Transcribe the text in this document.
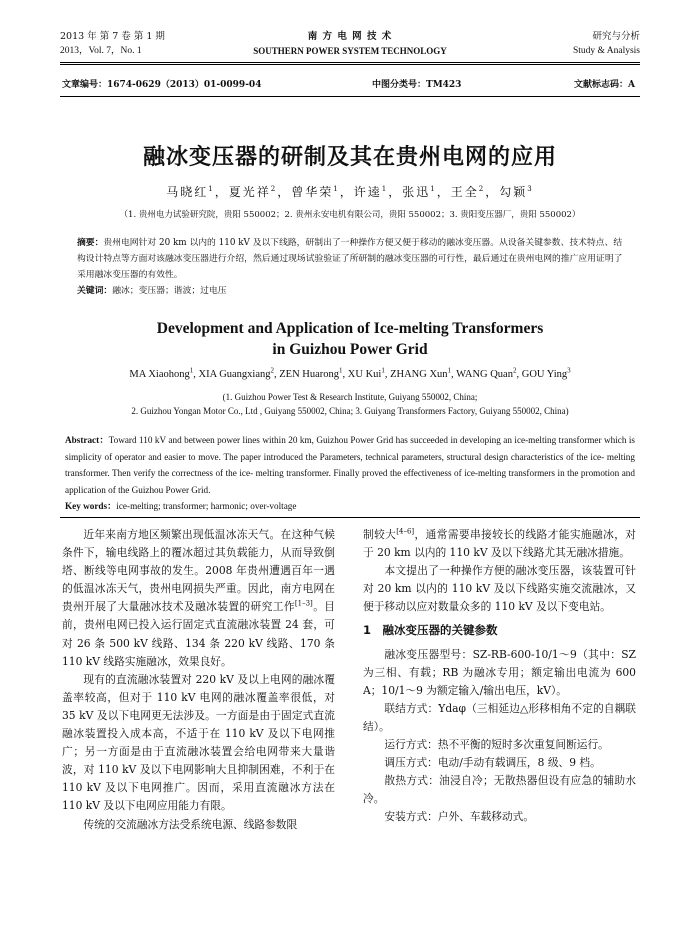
2013 年 第 7 卷 第 1 期
2013，Vol. 7，No. 1
南 方 电 网 技 术
SOUTHERN POWER SYSTEM TECHNOLOGY
研究与分析
Study & Analysis
文章编号：1674-0629（2013）01-0099-04	中图分类号：TM423	文献标志码：A
融冰变压器的研制及其在贵州电网的应用
马晓红$^1$，夏光祥$^2$，曾华荣$^1$，许逵$^1$，张迅$^1$，王全$^2$，勾颖$^3$
（1. 贵州电力试验研究院，贵阳 550002；2. 贵州永安电机有限公司，贵阳 550002；3. 贵阳变压器厂，贵阳 550002）
摘要：贵州电网针对 20 km 以内的 110 kV 及以下线路，研制出了一种操作方便又便于移动的融冰变压器。从设备关键参数、技术特点、结构设计特点等方面对该融冰变压器进行介绍，然后通过现场试验验证了所研制的融冰变压器的可行性，最后通过在贵州电网的推广应用证明了采用融冰变压器的有效性。
关键词：融冰；变压器；谐波；过电压
Development and Application of Ice-melting Transformers
in Guizhou Power Grid
MA Xiaohong$^1$, XIA Guangxiang$^2$, ZEN Huarong$^1$, XU Kui$^1$, ZHANG Xun$^1$, WANG Quan$^2$, GOU Ying$^3$
(1. Guizhou Power Test & Research Institute, Guiyang 550002, China;
2. Guizhou Yongan Motor Co., Ltd , Guiyang 550002, China; 3. Guiyang Transformers Factory, Guiyang 550002, China)
Abstract：Toward 110 kV and between power lines within 20 km, Guizhou Power Grid has succeeded in developing an ice-melting transformer which is simplicity of operator and easier to move. The paper introduced the Parameters, technical parameters, structural design characteristics of the ice- melting transformer. Then verify the correctness of the ice- melting transformer. Finally proved the effectiveness of ice-melting transformers in the promotion and application of the Guizhou Power Grid.
Key words：ice-melting; transformer; harmonic; over-voltage

近年来南方地区频繁出现低温冰冻天气。在这种气候条件下，输电线路上的覆冰超过其负载能力，从而导致倒塔、断线等电网事故的发生。2008 年贵州遭遇百年一遇的低温冰冻天气，贵州电网损失严重。因此，南方电网在贵州开展了大量融冰技术及融冰装置的研究工作[1–3]。目前，贵州电网已投入运行固定式直流融冰装置 24 套，可对 26 条 500 kV 线路、134 条 220 kV 线路、170 条 110 kV 线路实施融冰，效果良好。

现有的直流融冰装置对 220 kV 及以上电网的融冰覆盖率较高，但对于 110 kV 电网的融冰覆盖率很低，对 35 kV 及以下电网更无法涉及。一方面是由于固定式直流融冰装置投入成本高，不适于在 110 kV 及以下电网推广；另一方面是由于直流融冰装置会给电网带来大量谐波，对 110 kV 及以下电网影响大且抑制困难，不利于在 110 kV 及以下电网推广。因而，采用直流融冰方法在 110 kV 及以下电网应用能力有限。

传统的交流融冰方法受系统电源、线路参数限

制较大[4–6]，通常需要串接较长的线路才能实施融冰，对于 20 km 以内的 110 kV 及以下线路尤其无融冰措施。

本文提出了一种操作方便的融冰变压器，该装置可针对 20 km 以内的 110 kV 及以下线路实施交流融冰，又便于移动以应对数量众多的 110 kV 及以下变电站。

1　融冰变压器的关键参数

融冰变压器型号：SZ-RB-600-10/1～9（其中：SZ 为三相、有载；RB 为融冰专用；额定输出电流为 600 A；10/1～9 为额定输入/输出电压，kV）。

联结方式：Ydaφ（三相延边△形移相角不定的自耦联结）。

运行方式：热不平衡的短时多次重复间断运行。

调压方式：电动/手动有载调压，8 级、9 档。

散热方式：油浸自冷；无散热器但设有应急的辅助水冷。

安装方式：户外、车载移动式。
